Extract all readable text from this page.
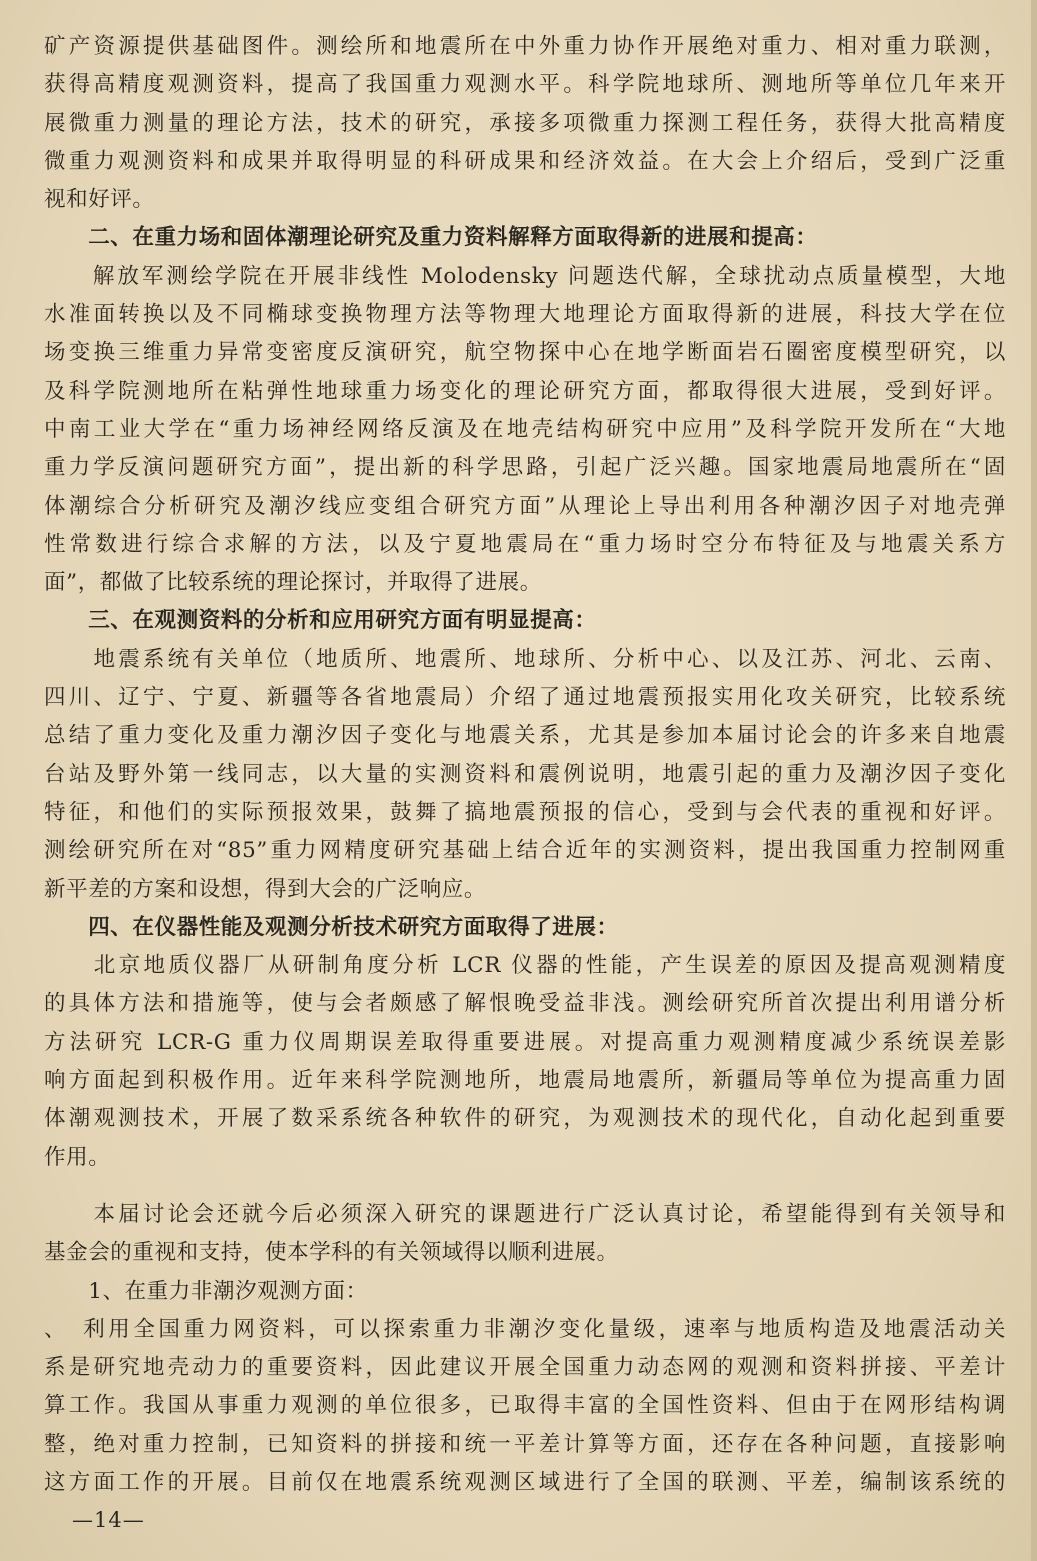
矿产资源提供基础图件。测绘所和地震所在中外重力协作开展绝对重力、相对重力联测，
获得高精度观测资料，提高了我国重力观测水平。科学院地球所、测地所等单位几年来开
展微重力测量的理论方法，技术的研究，承接多项微重力探测工程任务，获得大批高精度
微重力观测资料和成果并取得明显的科研成果和经济效益。在大会上介绍后，受到广泛重
视和好评。
　　二、在重力场和固体潮理论研究及重力资料解释方面取得新的进展和提高：
　　解放军测绘学院在开展非线性 Molodensky 问题迭代解，全球扰动点质量模型，大地
水准面转换以及不同椭球变换物理方法等物理大地理论方面取得新的进展，科技大学在位
场变换三维重力异常变密度反演研究，航空物探中心在地学断面岩石圈密度模型研究，以
及科学院测地所在粘弹性地球重力场变化的理论研究方面，都取得很大进展，受到好评。
中南工业大学在“重力场神经网络反演及在地壳结构研究中应用”及科学院开发所在“大地
重力学反演问题研究方面”，提出新的科学思路，引起广泛兴趣。国家地震局地震所在“固
体潮综合分析研究及潮汐线应变组合研究方面”从理论上导出利用各种潮汐因子对地壳弹
性常数进行综合求解的方法，以及宁夏地震局在“重力场时空分布特征及与地震关系方
面”，都做了比较系统的理论探讨，并取得了进展。
　　三、在观测资料的分析和应用研究方面有明显提高：
　　地震系统有关单位（地质所、地震所、地球所、分析中心、以及江苏、河北、云南、
四川、辽宁、宁夏、新疆等各省地震局）介绍了通过地震预报实用化攻关研究，比较系统
总结了重力变化及重力潮汐因子变化与地震关系，尤其是参加本届讨论会的许多来自地震
台站及野外第一线同志，以大量的实测资料和震例说明，地震引起的重力及潮汐因子变化
特征，和他们的实际预报效果，鼓舞了搞地震预报的信心，受到与会代表的重视和好评。
测绘研究所在对“85”重力网精度研究基础上结合近年的实测资料，提出我国重力控制网重
新平差的方案和设想，得到大会的广泛响应。
　　四、在仪器性能及观测分析技术研究方面取得了进展：
　　北京地质仪器厂从研制角度分析 LCR 仪器的性能，产生误差的原因及提高观测精度
的具体方法和措施等，使与会者颇感了解恨晚受益非浅。测绘研究所首次提出利用谱分析
方法研究 LCR-G 重力仪周期误差取得重要进展。对提高重力观测精度减少系统误差影
响方面起到积极作用。近年来科学院测地所，地震局地震所，新疆局等单位为提高重力固
体潮观测技术，开展了数采系统各种软件的研究，为观测技术的现代化，自动化起到重要
作用。
　　本届讨论会还就今后必须深入研究的课题进行广泛认真讨论，希望能得到有关领导和
基金会的重视和支持，使本学科的有关领域得以顺利进展。
　　1、在重力非潮汐观测方面：
、　利用全国重力网资料，可以探索重力非潮汐变化量级，速率与地质构造及地震活动关
系是研究地壳动力的重要资料，因此建议开展全国重力动态网的观测和资料拼接、平差计
算工作。我国从事重力观测的单位很多，已取得丰富的全国性资料、但由于在网形结构调
整，绝对重力控制，已知资料的拼接和统一平差计算等方面，还存在各种问题，直接影响
这方面工作的开展。目前仅在地震系统观测区域进行了全国的联测、平差，编制该系统的
—14—
